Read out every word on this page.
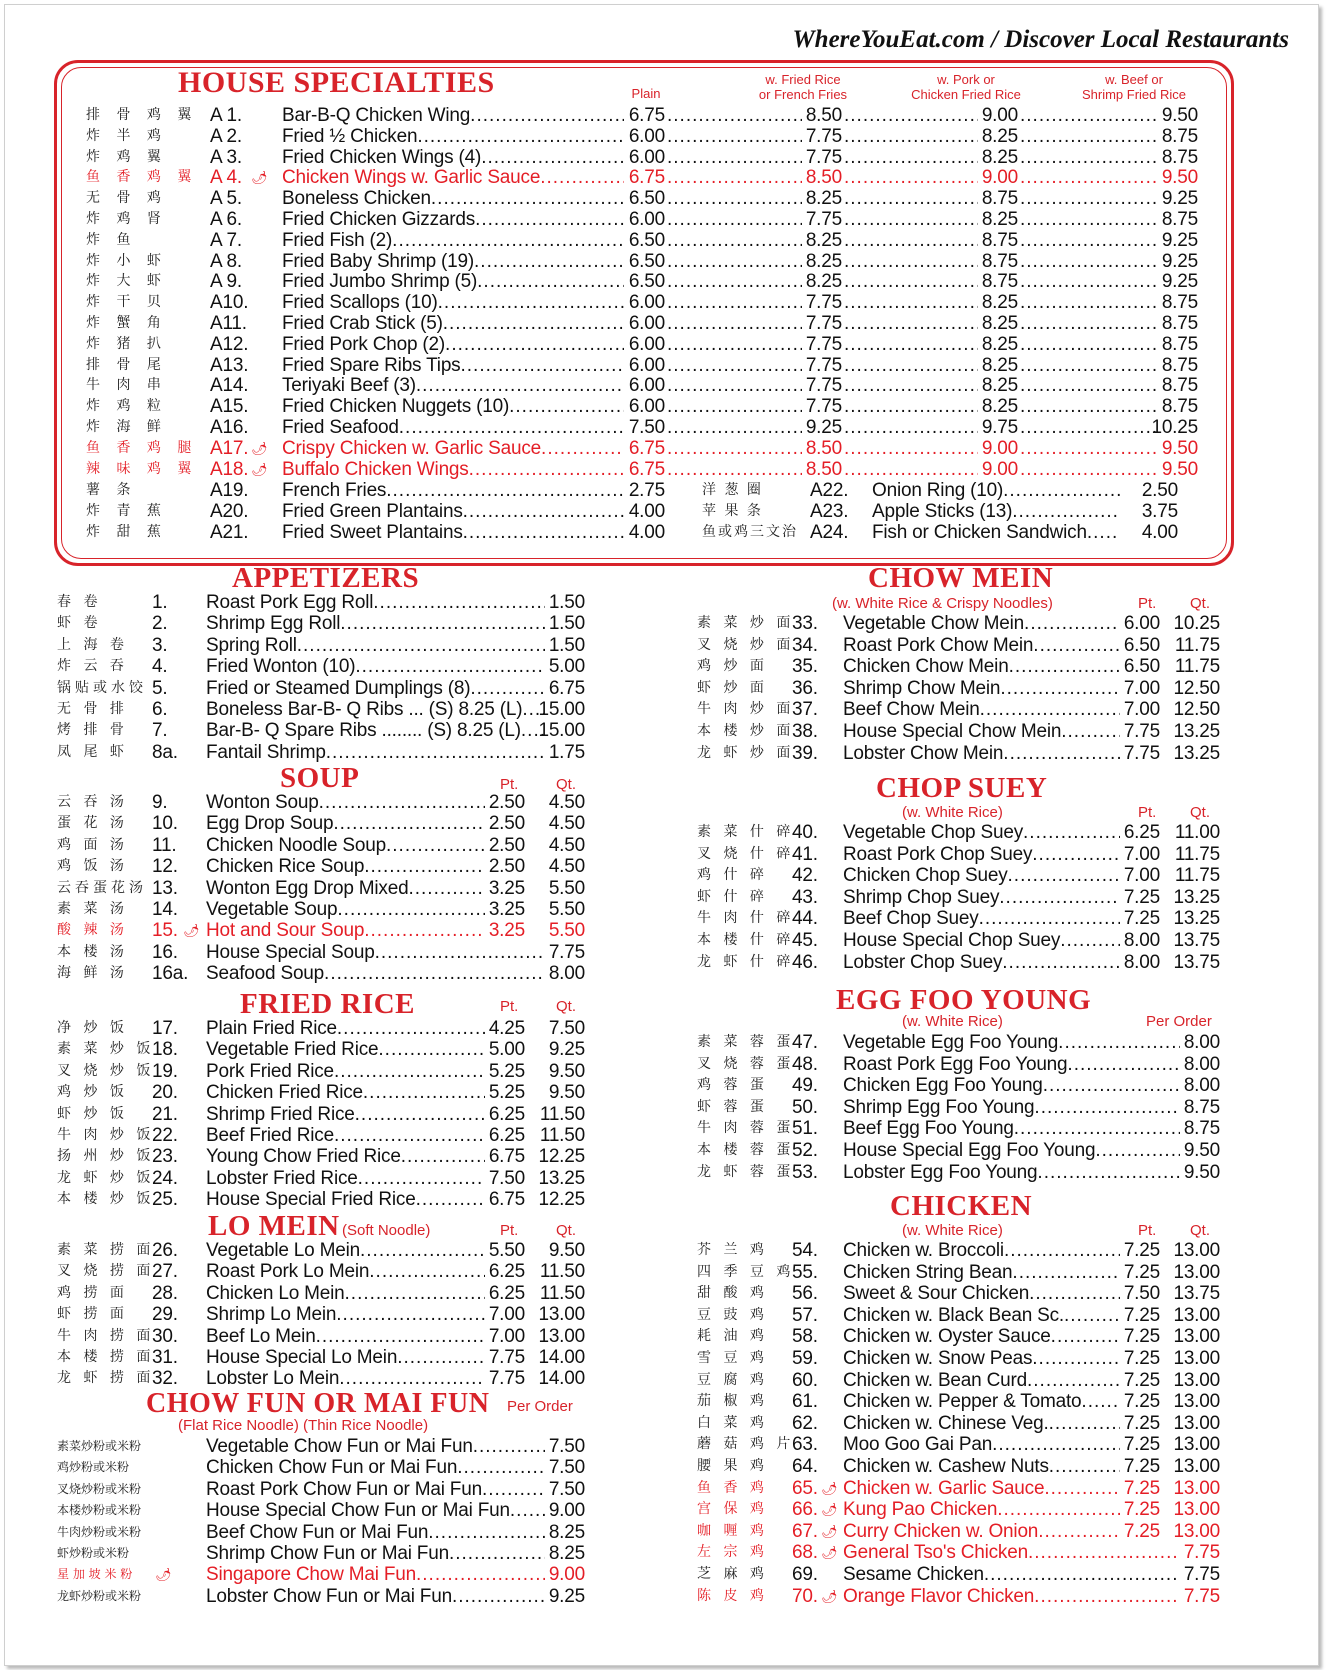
WhereYouEat.com / Discover Local Restaurants
HOUSE SPECIALTIES	Plain
w. Fried Rice
or French Fries
w. Pork or
Chicken Fried Rice
w. Beef or
Shrimp Fried Rice
排 骨 鸡 翼 A 1. Bar-B-Q Chicken Wing .....	6.75 .....	8.50 .....	9.00 .....	9.50
炸 半 鸡	A 2. Fried ½ Chicken .....	6.00 .....	7.75 .....	8.25 .....	8.75
炸 鸡 翼	A 3. Fried Chicken Wings (4) .....	6.00 .....	7.75 .....	8.25 .....	8.75
鱼 香 鸡 翼 A 4. 🌶 Chicken Wings w. Garlic Sauce .....	6.75 .....	8.50 .....	9.00 .....	9.50
无 骨 鸡	A 5. Boneless Chicken .....	6.50 .....	8.25 .....	8.75 .....	9.25
炸 鸡 肾	A 6. Fried Chicken Gizzards .....	6.00 .....	7.75 .....	8.25 .....	8.75
炸 鱼	A 7. Fried Fish (2) .....	6.50 .....	8.25 .....	8.75 .....	9.25
炸 小 虾	A 8. Fried Baby Shrimp (19) .....	6.50 .....	8.25 .....	8.75 .....	9.25
炸 大 虾	A 9. Fried Jumbo Shrimp (5) .....	6.50 .....	8.25 .....	8.75 .....	9.25
炸 干 贝	A10. Fried Scallops (10) .....	6.00 .....	7.75 .....	8.25 .....	8.75
炸 蟹 角	A11. Fried Crab Stick (5) .....	6.00 .....	7.75 .....	8.25 .....	8.75
炸 猪 扒	A12. Fried Pork Chop (2) .....	6.00 .....	7.75 .....	8.25 .....	8.75
排 骨 尾	A13. Fried Spare Ribs Tips .....	6.00 .....	7.75 .....	8.25 .....	8.75
牛 肉 串	A14. Teriyaki Beef (3) .....	6.00 .....	7.75 .....	8.25 .....	8.75
炸 鸡 粒	A15. Fried Chicken Nuggets (10) .....	6.00 .....	7.75 .....	8.25 .....	8.75
炸 海 鲜	A16. Fried Seafood .....	7.50 .....	9.25 .....	9.75 .....	10.25
鱼 香 鸡 腿 A17. 🌶 Crispy Chicken w. Garlic Sauce .....	6.75 .....	8.50 .....	9.00 .....	9.50
辣 味 鸡 翼 A18. 🌶 Buffalo Chicken Wings .....	6.75 .....	8.50 .....	9.00 .....	9.50
薯 条	A19. French Fries .....	2.75
炸 青 蕉	A20. Fried Green Plantains .....	4.00
炸 甜 蕉	A21. Fried Sweet Plantains .....	4.00
洋 葱 圈	A22. Onion Ring (10) .....	2.50
苹 果 条	A23. Apple Sticks (13) .....	3.75
鱼或鸡三文治 A24. Fish or Chicken Sandwich .....	4.00
APPETIZERS
春 卷	1. Roast Pork Egg Roll .....	1.50
虾 卷	2. Shrimp Egg Roll .....	1.50
上 海 卷	3. Spring Roll .....	1.50
炸 云 吞	4. Fried Wonton (10) .....	5.00
锅贴或水饺 5. Fried or Steamed Dumplings (8) .....	6.75
无 骨 排	6. Boneless Bar-B- Q Ribs ... (S) 8.25 (L) ..... 15.00
烤 排 骨	7. Bar-B- Q Spare Ribs ........ (S) 8.25 (L) ..... 15.00
凤 尾 虾	8a. Fantail Shrimp .....	1.75
SOUP	Pt.	Qt.
云 吞 汤	9. Wonton Soup .....	2.50	4.50
蛋 花 汤	10. Egg Drop Soup .....	2.50	4.50
鸡 面 汤	11. Chicken Noodle Soup .....	2.50	4.50
鸡 饭 汤	12. Chicken Rice Soup .....	2.50	4.50
云吞蛋花汤 13. Wonton Egg Drop Mixed .....	3.25	5.50
素 菜 汤	14. Vegetable Soup .....	3.25	5.50
酸 辣 汤	15. 🌶 Hot and Sour Soup .....	3.25	5.50
本 楼 汤	16. House Special Soup .....	7.75
海 鲜 汤	16a. Seafood Soup .....	8.00
FRIED RICE	Pt.	Qt.
净 炒 饭	17. Plain Fried Rice .....	4.25	7.50
素 菜 炒 饭
18. Vegetable Fried Rice .....	5.00	9.25
叉 烧 炒 饭
19. Pork Fried Rice .....	5.25	9.50
鸡 炒 饭	20. Chicken Fried Rice .....	5.25	9.50
虾 炒 饭	21. Shrimp Fried Rice .....	6.25 11.50
牛 肉 炒 饭
22. Beef Fried Rice .....	6.25 11.50
扬 州 炒 饭
23. Young Chow Fried Rice .....	6.75 12.25
龙 虾 炒 饭
24. Lobster Fried Rice .....	7.50 13.25
本 楼 炒 饭
25. House Special Fried Rice .....	6.75 12.25
LO MEIN (Soft Noodle)	Pt.	Qt.
素 菜 捞 面
26. Vegetable Lo Mein .....	5.50	9.50
叉 烧 捞 面
27. Roast Pork Lo Mein .....	6.25 11.50
鸡 捞 面	28. Chicken Lo Mein .....	6.25 11.50
虾 捞 面	29. Shrimp Lo Mein .....	7.00 13.00
牛 肉 捞 面
30. Beef Lo Mein .....	7.00 13.00
本 楼 捞 面
31. House Special Lo Mein .....	7.75 14.00
龙 虾 捞 面
32. Lobster Lo Mein .....	7.75 14.00
CHOW FUN OR MAI FUN
(Flat Rice Noodle) (Thin Rice Noodle)
Per Order
素菜炒粉或米粉	Vegetable Chow Fun or Mai Fun .....	7.50
鸡炒粉或米粉	Chicken Chow Fun or Mai Fun .....	7.50
叉烧炒粉或米粉	Roast Pork Chow Fun or Mai Fun .....	7.50
本楼炒粉或米粉	House Special Chow Fun or Mai Fun .....	9.00
牛肉炒粉或米粉	Beef Chow Fun or Mai Fun .....	8.25
虾炒粉或米粉	Shrimp Chow Fun or Mai Fun .....	8.25
星 加 坡 米 粉	🌶 Singapore Chow Mai Fun .....	9.00
龙虾炒粉或米粉	Lobster Chow Fun or Mai Fun .....	9.25
CHOW MEIN
(w. White Rice & Crispy Noodles)	Pt. Qt.
素 菜 炒 面
33. Vegetable Chow Mein .....	6.00 10.25
叉 烧 炒 面
34. Roast Pork Chow Mein .....	6.50 11.75
鸡 炒 面	35. Chicken Chow Mein .....	6.50 11.75
虾 炒 面	36. Shrimp Chow Mein .....	7.00 12.50
牛 肉 炒 面
37. Beef Chow Mein .....	7.00 12.50
本 楼 炒 面
38. House Special Chow Mein .....	7.75 13.25
龙 虾 炒 面
39. Lobster Chow Mein .....	7.75 13.25
CHOP SUEY
(w. White Rice)	Pt. Qt.
素 菜 什 碎
40. Vegetable Chop Suey .....	6.25 11.00
叉 烧 什 碎
41. Roast Pork Chop Suey .....	7.00 11.75
鸡 什 碎	42. Chicken Chop Suey .....	7.00 11.75
虾 什 碎	43. Shrimp Chop Suey .....	7.25 13.25
牛 肉 什 碎
44. Beef Chop Suey .....	7.25 13.25
本 楼 什 碎
45. House Special Chop Suey .....	8.00 13.75
龙 虾 什 碎
46. Lobster Chop Suey .....	8.00 13.75
EGG FOO YOUNG
(w. White Rice)	Per Order
素 菜 蓉 蛋
47. Vegetable Egg Foo Young .....	8.00
叉 烧 蓉 蛋
48. Roast Pork Egg Foo Young .....	8.00
鸡 蓉 蛋	49. Chicken Egg Foo Young .....	8.00
虾 蓉 蛋	50. Shrimp Egg Foo Young .....	8.75
牛 肉 蓉 蛋
51. Beef Egg Foo Young .....	8.75
本 楼 蓉 蛋
52. House Special Egg Foo Young .....	9.50
龙 虾 蓉 蛋
53. Lobster Egg Foo Young .....	9.50
CHICKEN
(w. White Rice)	Pt. Qt.
芥 兰 鸡	54. Chicken w. Broccoli .....	7.25 13.00
四 季 豆 鸡
55. Chicken String Bean .....	7.25 13.00
甜 酸 鸡	56. Sweet & Sour Chicken .....	7.50 13.75
豆 豉 鸡	57. Chicken w. Black Bean Sc. .....	7.25 13.00
耗 油 鸡	58. Chicken w. Oyster Sauce .....	7.25 13.00
雪 豆 鸡	59. Chicken w. Snow Peas .....	7.25 13.00
豆 腐 鸡	60. Chicken w. Bean Curd .....	7.25 13.00
茄 椒 鸡	61. Chicken w. Pepper & Tomato .....	7.25 13.00
白 菜 鸡	62. Chicken w. Chinese Veg. .....	7.25 13.00
蘑 菇 鸡 片
63. Moo Goo Gai Pan .....	7.25 13.00
腰 果 鸡	64. Chicken w. Cashew Nuts .....	7.25 13.00
鱼 香 鸡	65. 🌶 Chicken w. Garlic Sauce .....	7.25 13.00
宫 保 鸡	66. 🌶 Kung Pao Chicken .....	7.25 13.00
咖 喱 鸡	67. 🌶 Curry Chicken w. Onion .....	7.25 13.00
左 宗 鸡	68. 🌶 General Tso's Chicken .....	7.75
芝 麻 鸡	69. Sesame Chicken .....	7.75
陈 皮 鸡	70. 🌶 Orange Flavor Chicken .....	7.75
